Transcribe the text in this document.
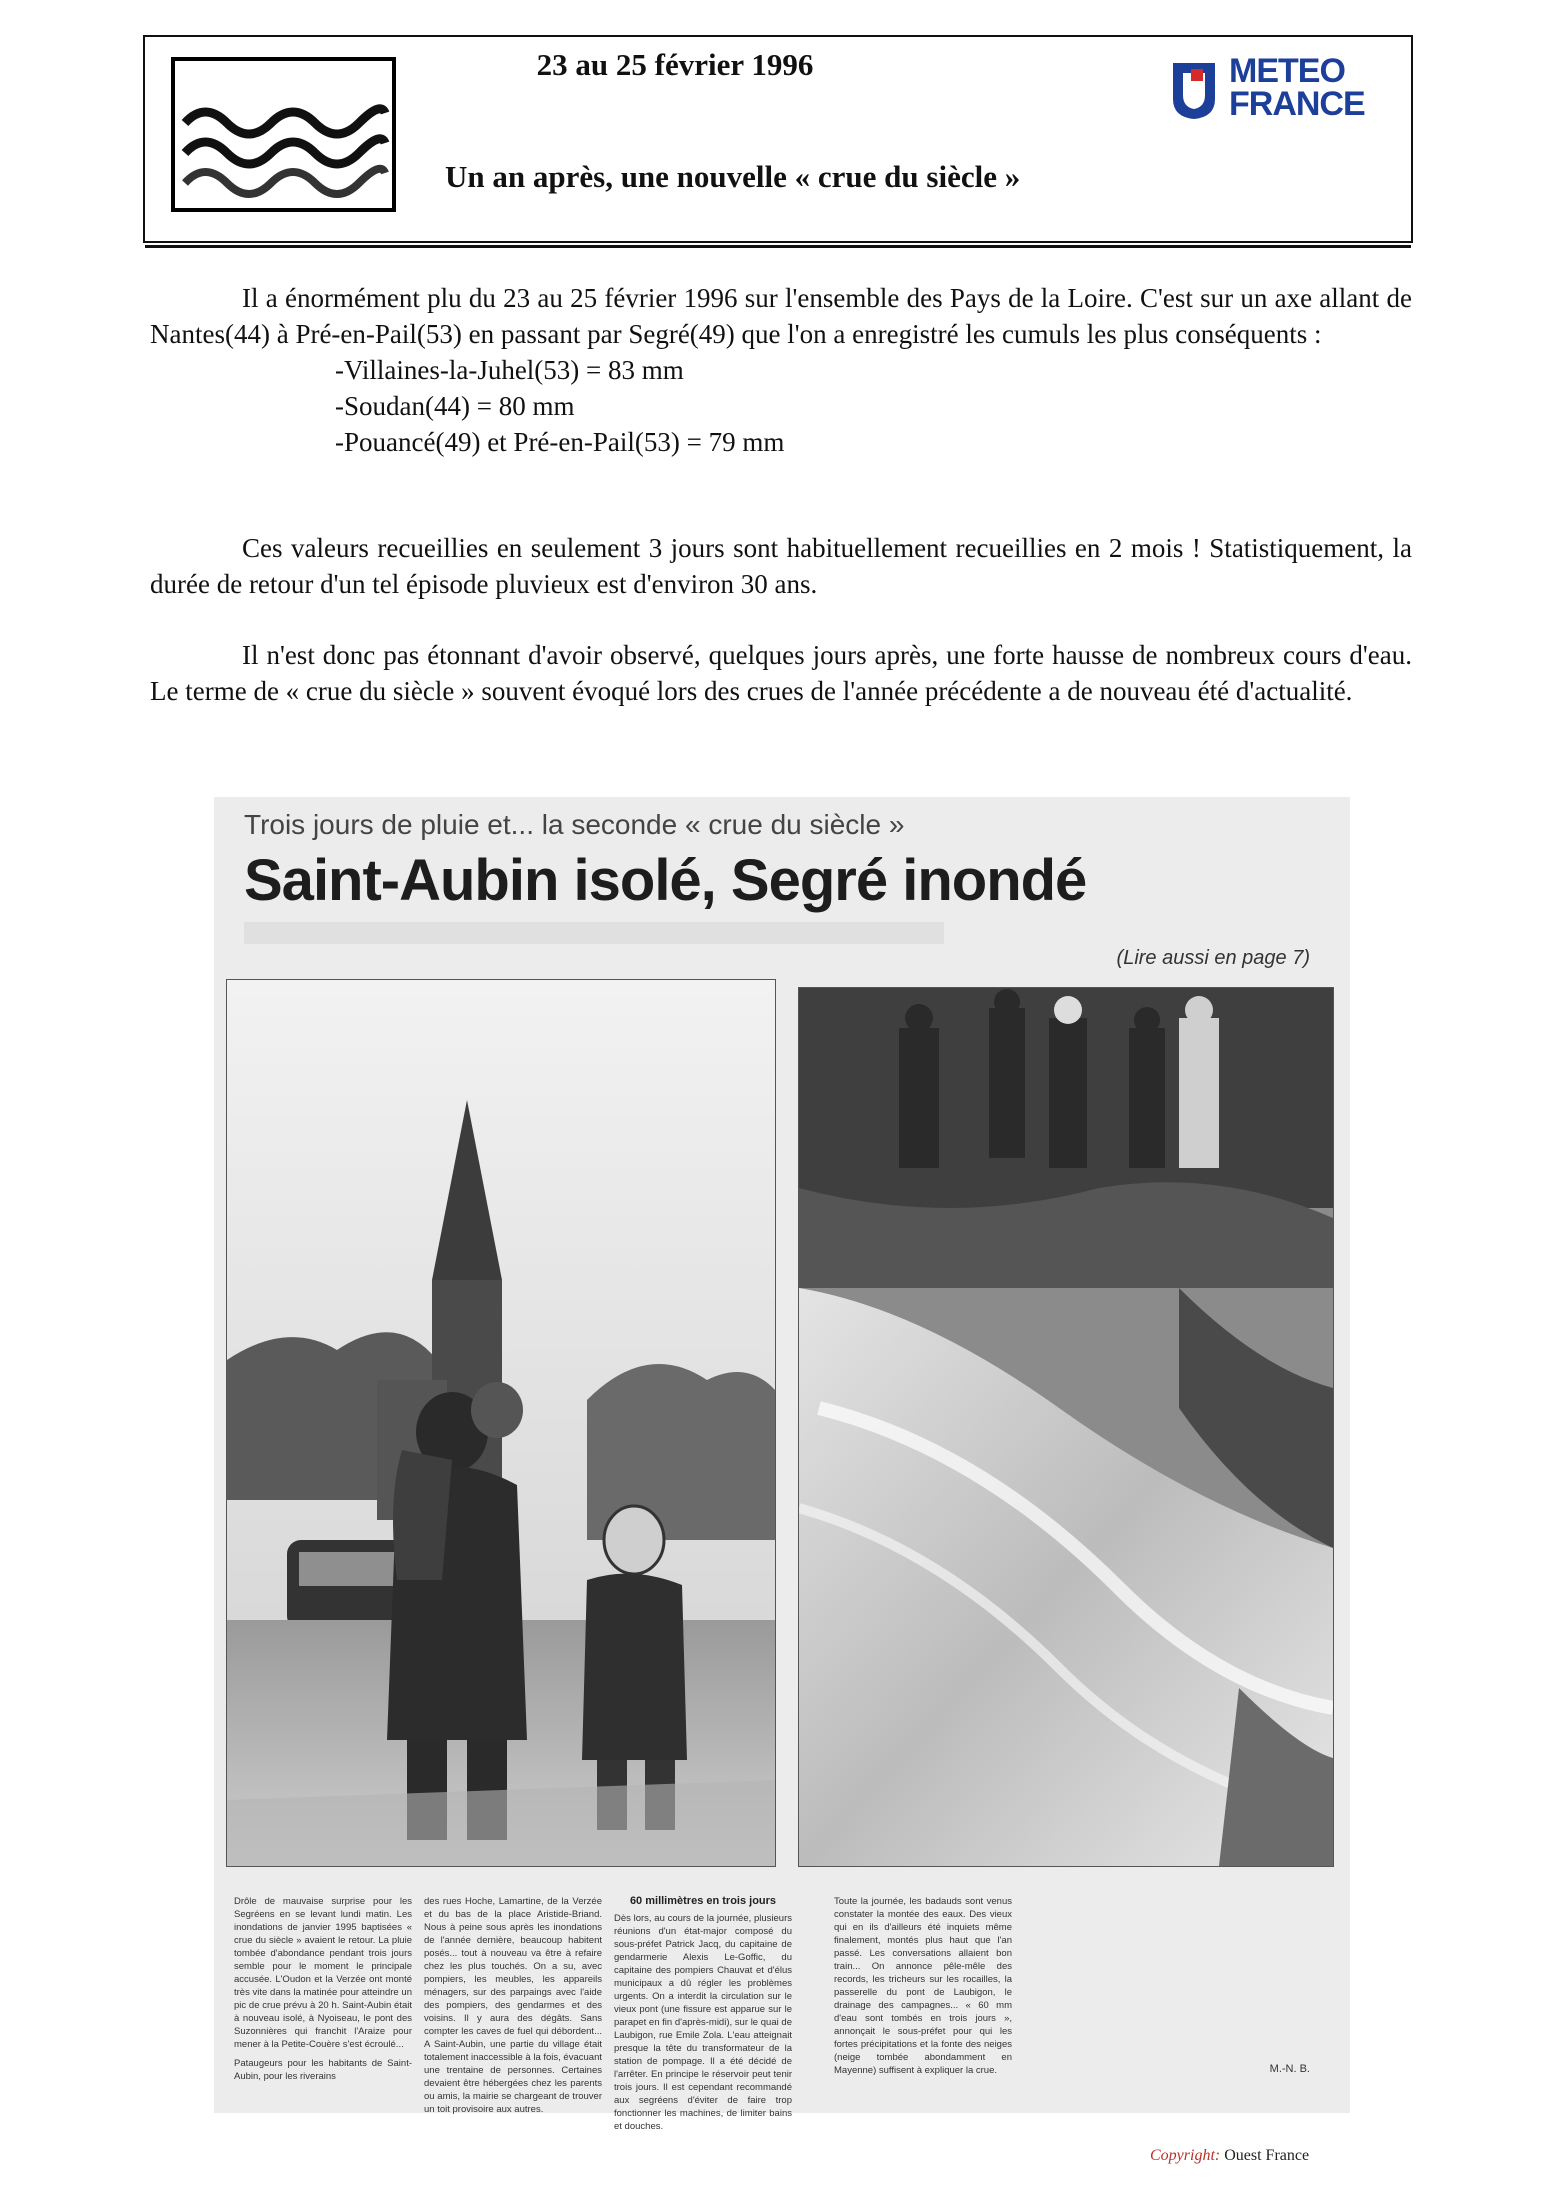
23 au 25 février 1996
Un an après, une nouvelle « crue du siècle »
METEO
FRANCE
Il a énormément plu du 23 au 25 février 1996 sur l'ensemble des Pays de la Loire. C'est sur un axe allant de Nantes(44) à Pré-en-Pail(53) en passant par Segré(49) que l'on a enregistré les cumuls les plus conséquents :
-Villaines-la-Juhel(53) = 83 mm
-Soudan(44) = 80 mm
-Pouancé(49) et Pré-en-Pail(53) = 79 mm
Ces valeurs recueillies en seulement 3 jours sont habituellement recueillies en 2 mois ! Statistiquement, la durée de retour d'un tel épisode pluvieux est d'environ 30 ans.
Il n'est donc pas étonnant d'avoir observé, quelques jours après, une forte hausse de nombreux cours d'eau. Le terme de « crue du siècle » souvent évoqué lors des crues de l'année précédente a de nouveau été d'actualité.
Trois jours de pluie et... la seconde « crue du siècle »
Saint-Aubin isolé, Segré inondé
(Lire aussi en page 7)
Drôle de mauvaise surprise pour les Segréens en se levant lundi matin. Les inondations de janvier 1995 baptisées « crue du siècle » avaient le retour. La pluie tombée d'abondance pendant trois jours semble pour le moment le principale accusée. L'Oudon et la Verzée ont monté très vite dans la matinée pour atteindre un pic de crue prévu à 20 h. Saint-Aubin était à nouveau isolé, à Nyoiseau, le pont des Suzonnières qui franchit l'Araize pour mener à la Petite-Couère s'est écroulé...
Pataugeurs pour les habitants de Saint-Aubin, pour les riverains
des rues Hoche, Lamartine, de la Verzée et du bas de la place Aristide-Briand. Nous à peine sous après les inondations de l'année dernière, beaucoup habitent posés... tout à nouveau va être à refaire chez les plus touchés. On a su, avec pompiers, les meubles, les appareils ménagers, sur des parpaings avec l'aide des pompiers, des gendarmes et des voisins. Il y aura des dégâts. Sans compter les caves de fuel qui débordent... A Saint-Aubin, une partie du village était totalement inaccessible à la fois, évacuant une trentaine de personnes. Certaines devaient être hébergées chez les parents ou amis, la mairie se chargeant de trouver un toit provisoire aux autres.
60 millimètres en trois jours
Dès lors, au cours de la journée, plusieurs réunions d'un état-major composé du sous-préfet Patrick Jacq, du capitaine de gendarmerie Alexis Le-Goffic, du capitaine des pompiers Chauvat et d'élus municipaux a dû régler les problèmes urgents. On a interdit la circulation sur le vieux pont (une fissure est apparue sur le parapet en fin d'après-midi), sur le quai de Laubigon, rue Emile Zola. L'eau atteignait presque la tête du transformateur de la station de pompage. Il a été décidé de l'arrêter. En principe le réservoir peut tenir trois jours. Il est cependant recommandé aux segréens d'éviter de faire trop fonctionner les machines, de limiter bains et douches.
Toute la journée, les badauds sont venus constater la montée des eaux. Des vieux qui en ils d'ailleurs été inquiets même finalement, montés plus haut que l'an passé. Les conversations allaient bon train... On annonce pêle-mêle des records, les tricheurs sur les rocailles, la passerelle du pont de Laubigon, le drainage des campagnes... « 60 mm d'eau sont tombés en trois jours », annonçait le sous-préfet pour qui les fortes précipitations et la fonte des neiges (neige tombée abondamment en Mayenne) suffisent à expliquer la crue.	M.-N. B.
Copyright: Ouest France
